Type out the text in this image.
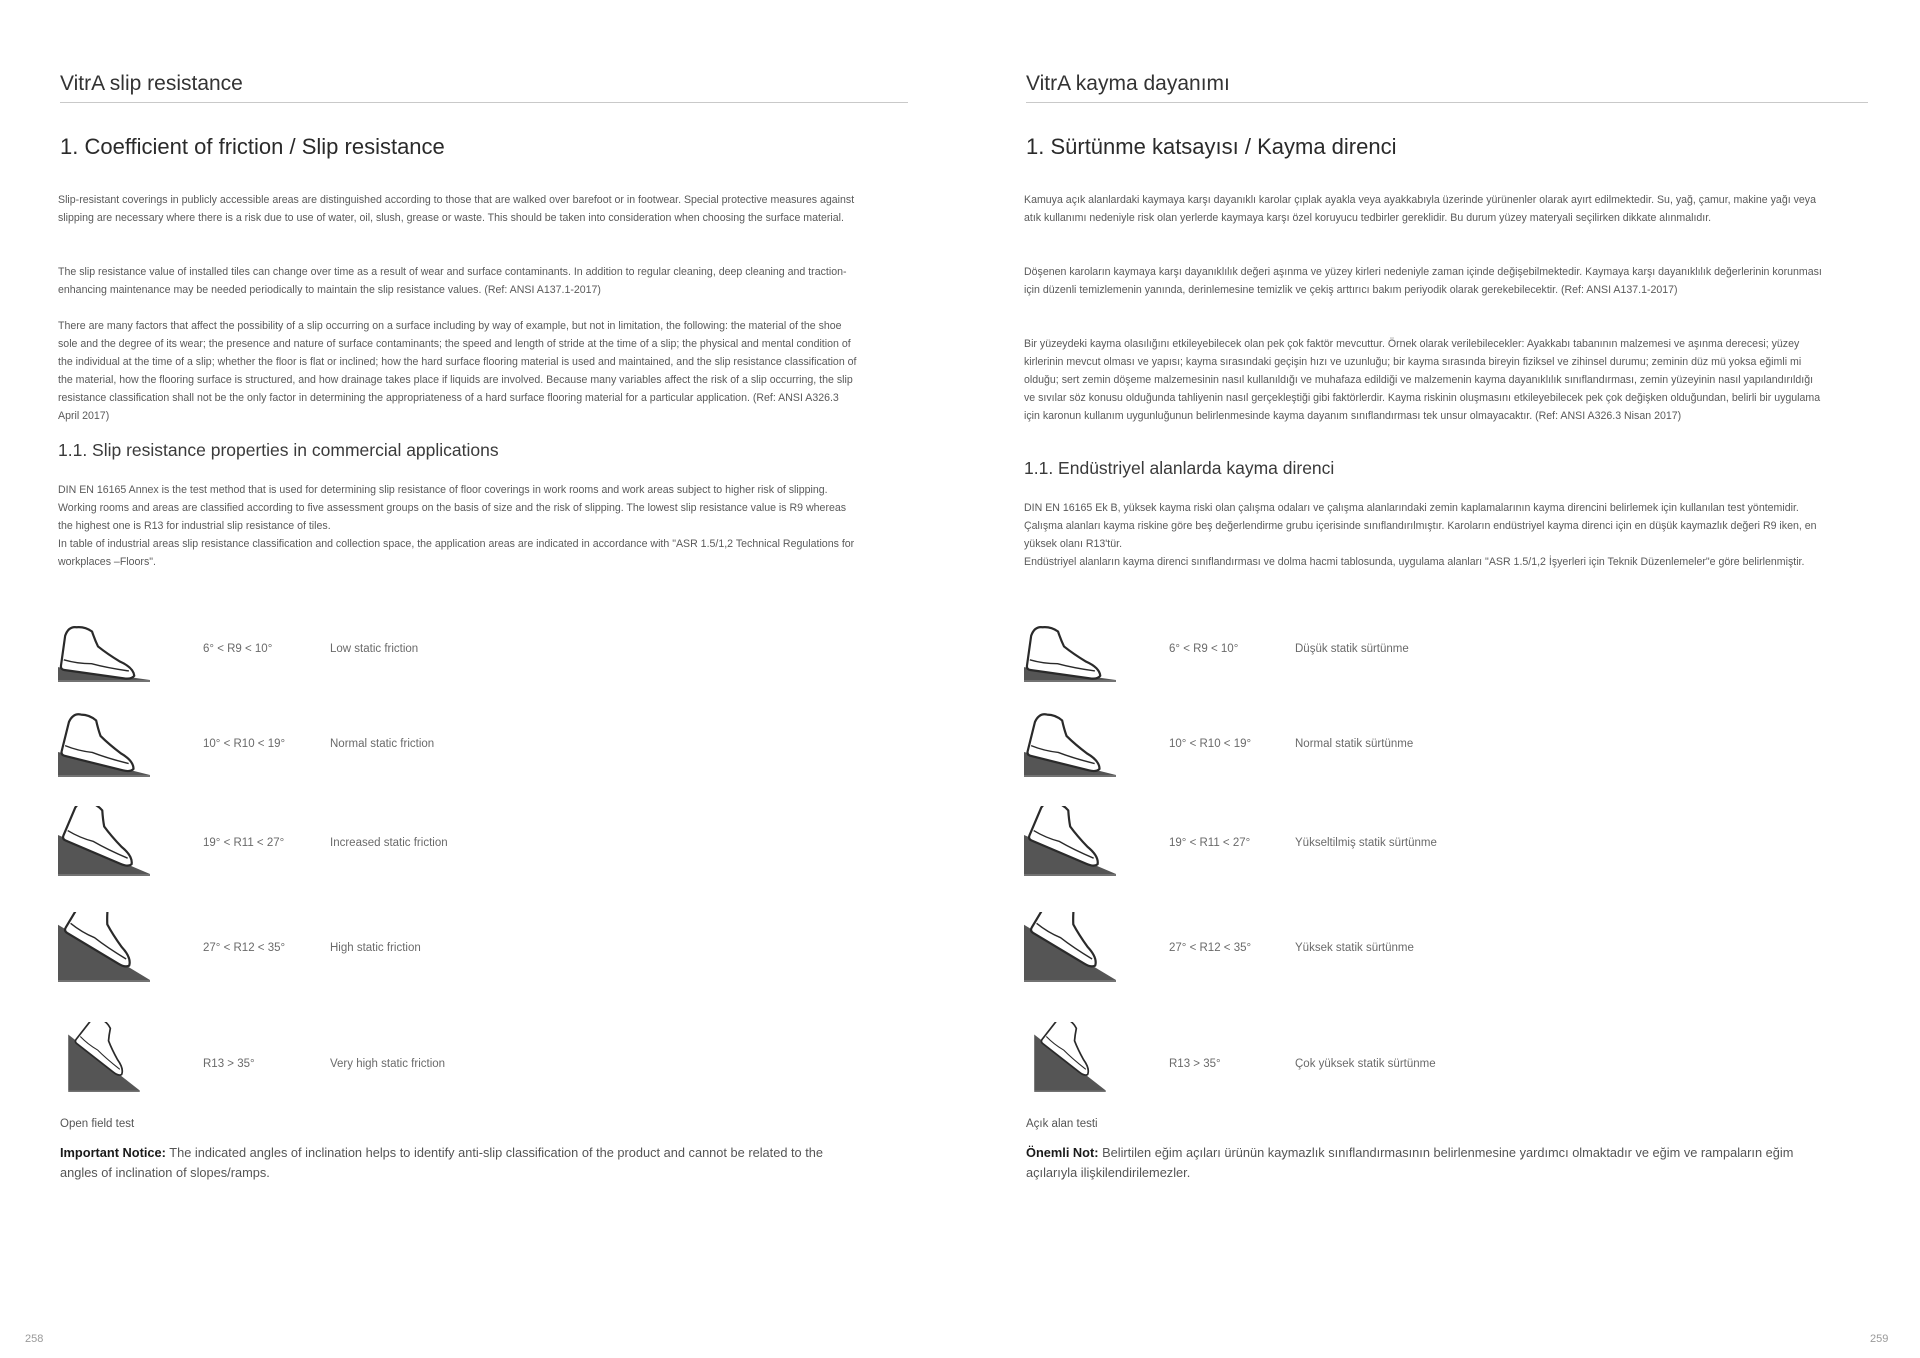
VitrA slip resistance
1. Coefficient of friction / Slip resistance

Slip-resistant coverings in publicly accessible areas are distinguished according to those that are walked over barefoot or in footwear. Special protective measures against slipping are necessary where there is a risk due to use of water, oil, slush, grease or waste. This should be taken into consideration when choosing the surface material.

The slip resistance value of installed tiles can change over time as a result of wear and surface contaminants. In addition to regular cleaning, deep cleaning and traction-enhancing maintenance may be needed periodically to maintain the slip resistance values. (Ref: ANSI A137.1-2017)

There are many factors that affect the possibility of a slip occurring on a surface including by way of example, but not in limitation, the following: the material of the shoe sole and the degree of its wear; the presence and nature of surface contaminants; the speed and length of stride at the time of a slip; the physical and mental condition of the individual at the time of a slip; whether the floor is flat or inclined; how the hard surface flooring material is used and maintained, and the slip resistance classification of the material, how the flooring surface is structured, and how drainage takes place if liquids are involved. Because many variables affect the risk of a slip occurring, the slip resistance classification shall not be the only factor in determining the appropriateness of a hard surface flooring material for a particular application. (Ref: ANSI A326.3 April 2017)

1.1. Slip resistance properties in commercial applications

DIN EN 16165 Annex is the test method that is used for determining slip resistance of floor coverings in work rooms and work areas subject to higher risk of slipping. Working rooms and areas are classified according to five assessment groups on the basis of size and the risk of slipping. The lowest slip resistance value is R9 whereas the highest one is R13 for industrial slip resistance of tiles.
In table of industrial areas slip resistance classification and collection space, the application areas are indicated in accordance with "ASR 1.5/1,2 Technical Regulations for workplaces –Floors".

6° < R9 < 10°	Low static friction
10° < R10 < 19°	Normal static friction
19° < R11 < 27°	Increased static friction
27° < R12 < 35°	High static friction
R13 > 35°	Very high static friction
Open field test

Important Notice: The indicated angles of inclination helps to identify anti-slip classification of the product and cannot be related to the angles of inclination of slopes/ramps.

258
VitrA kayma dayanımı
1. Sürtünme katsayısı / Kayma direnci

Kamuya açık alanlardaki kaymaya karşı dayanıklı karolar çıplak ayakla veya ayakkabıyla üzerinde yürünenler olarak ayırt edilmektedir. Su, yağ, çamur, makine yağı veya atık kullanımı nedeniyle risk olan yerlerde kaymaya karşı özel koruyucu tedbirler gereklidir. Bu durum yüzey materyali seçilirken dikkate alınmalıdır.

Döşenen karoların kaymaya karşı dayanıklılık değeri aşınma ve yüzey kirleri nedeniyle zaman içinde değişebilmektedir. Kaymaya karşı dayanıklılık değerlerinin korunması için düzenli temizlemenin yanında, derinlemesine temizlik ve çekiş arttırıcı bakım periyodik olarak gerekebilecektir. (Ref: ANSI A137.1-2017)

Bir yüzeydeki kayma olasılığını etkileyebilecek olan pek çok faktör mevcuttur. Örnek olarak verilebilecekler: Ayakkabı tabanının malzemesi ve aşınma derecesi; yüzey kirlerinin mevcut olması ve yapısı; kayma sırasındaki geçişin hızı ve uzunluğu; bir kayma sırasında bireyin fiziksel ve zihinsel durumu; zeminin düz mü yoksa eğimli mi olduğu; sert zemin döşeme malzemesinin nasıl kullanıldığı ve muhafaza edildiği ve malzemenin kayma dayanıklılık sınıflandırması, zemin yüzeyinin nasıl yapılandırıldığı ve sıvılar söz konusu olduğunda tahliyenin nasıl gerçekleştiği gibi faktörlerdir. Kayma riskinin oluşmasını etkileyebilecek pek çok değişken olduğundan, belirli bir uygulama için karonun kullanım uygunluğunun belirlenmesinde kayma dayanım sınıflandırması tek unsur olmayacaktır. (Ref: ANSI A326.3 Nisan 2017)

1.1. Endüstriyel alanlarda kayma direnci

DIN EN 16165 Ek B, yüksek kayma riski olan çalışma odaları ve çalışma alanlarındaki zemin kaplamalarının kayma direncini belirlemek için kullanılan test yöntemidir. Çalışma alanları kayma riskine göre beş değerlendirme grubu içerisinde sınıflandırılmıştır. Karoların endüstriyel kayma direnci için en düşük kaymazlık değeri R9 iken, en yüksek olanı R13'tür.
Endüstriyel alanların kayma direnci sınıflandırması ve dolma hacmi tablosunda, uygulama alanları "ASR 1.5/1,2 İşyerleri için Teknik Düzenlemeler"e göre belirlenmiştir.

6° < R9 < 10°	Düşük statik sürtünme
10° < R10 < 19°	Normal statik sürtünme
19° < R11 < 27°	Yükseltilmiş statik sürtünme
27° < R12 < 35°	Yüksek statik sürtünme
R13 > 35°	Çok yüksek statik sürtünme
Açık alan testi

Önemli Not: Belirtilen eğim açıları ürünün kaymazlık sınıflandırmasının belirlenmesine yardımcı olmaktadır ve eğim ve rampaların eğim açılarıyla ilişkilendirilemezler.

259
